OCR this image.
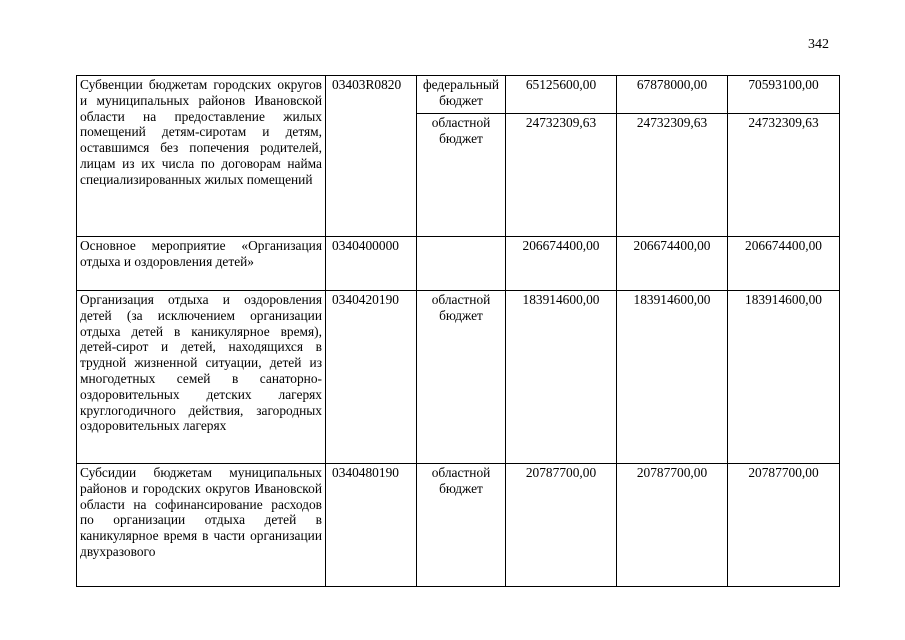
342
Субвенции бюджетам городских округов и муниципальных районов Ивановской области на предоставление жилых помещений детям-сиротам и детям, оставшимся без попечения родителей, лицам из их числа по договорам найма специализированных жилых помещений	03403R0820	федеральный бюджет	65125600,00	67878000,00	70593100,00
		областной бюджет	24732309,63	24732309,63	24732309,63
Основное мероприятие «Организация отдыха и оздоровления детей»	0340400000		206674400,00	206674400,00	206674400,00
Организация отдыха и оздоровления детей (за исключением организации отдыха детей в каникулярное время), детей-сирот и детей, находящихся в трудной жизненной ситуации, детей из многодетных семей в санаторно-оздоровительных детских лагерях круглогодичного действия, загородных оздоровительных лагерях	0340420190	областной бюджет	183914600,00	183914600,00	183914600,00

Субсидии бюджетам муниципальных районов и городских округов Ивановской области на софинансирование расходов по организации отдыха детей в каникулярное время в части организации двухразового	0340480190	областной бюджет	20787700,00	20787700,00	20787700,00
